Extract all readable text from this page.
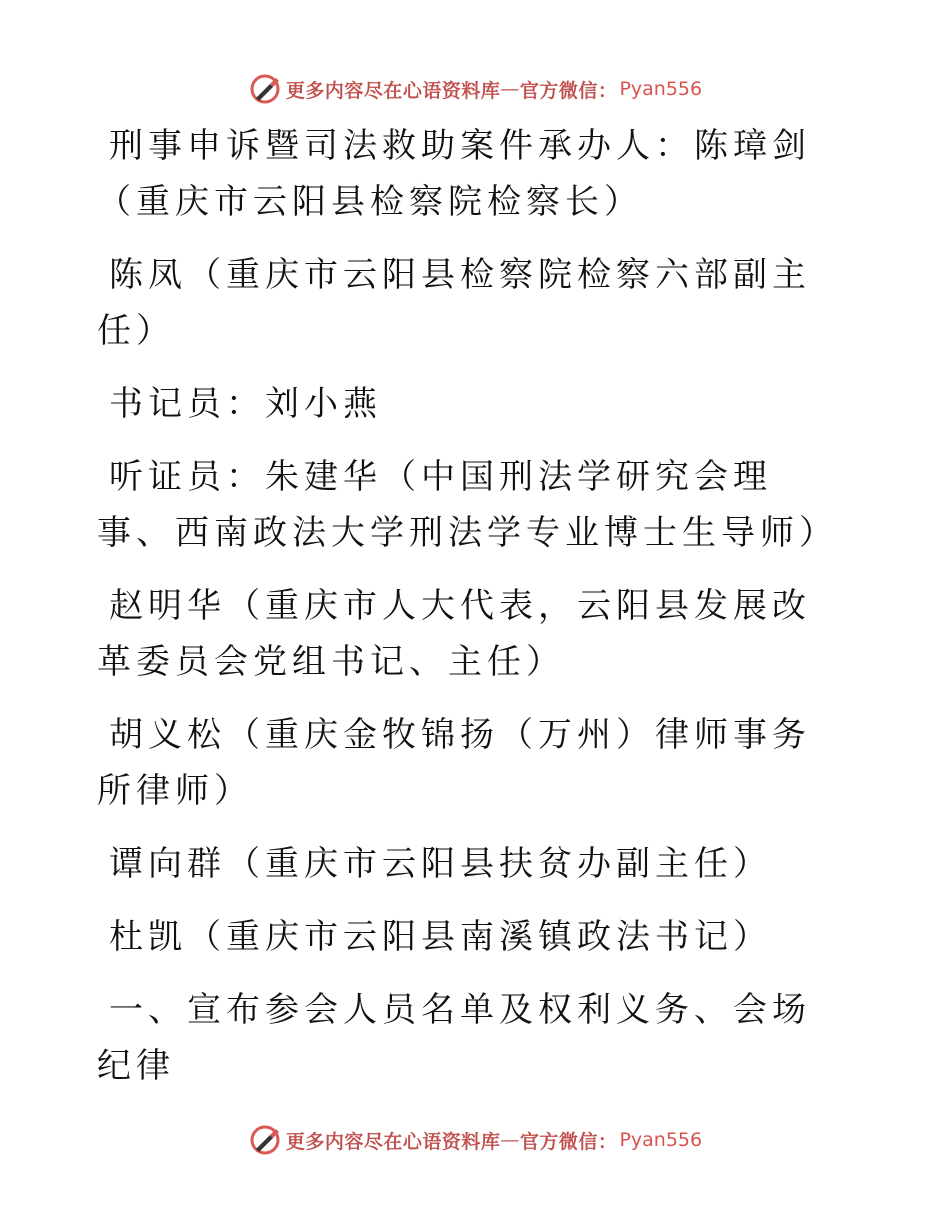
更多内容尽在心语资料库 — 官方微信： Pyan556

刑事申诉暨司法救助案件承办人：陈璋剑（重庆市云阳县检察院检察长）

陈凤（重庆市云阳县检察院检察六部副主任）

书记员：刘小燕

听证员：朱建华（中国刑法学研究会理事、西南政法大学刑法学专业博士生导师）

赵明华（重庆市人大代表，云阳县发展改革委员会党组书记、主任）

胡义松（重庆金牧锦扬（万州）律师事务所律师）

谭向群（重庆市云阳县扶贫办副主任）

杜凯（重庆市云阳县南溪镇政法书记）

一、宣布参会人员名单及权利义务、会场纪律

更多内容尽在心语资料库 — 官方微信： Pyan556
